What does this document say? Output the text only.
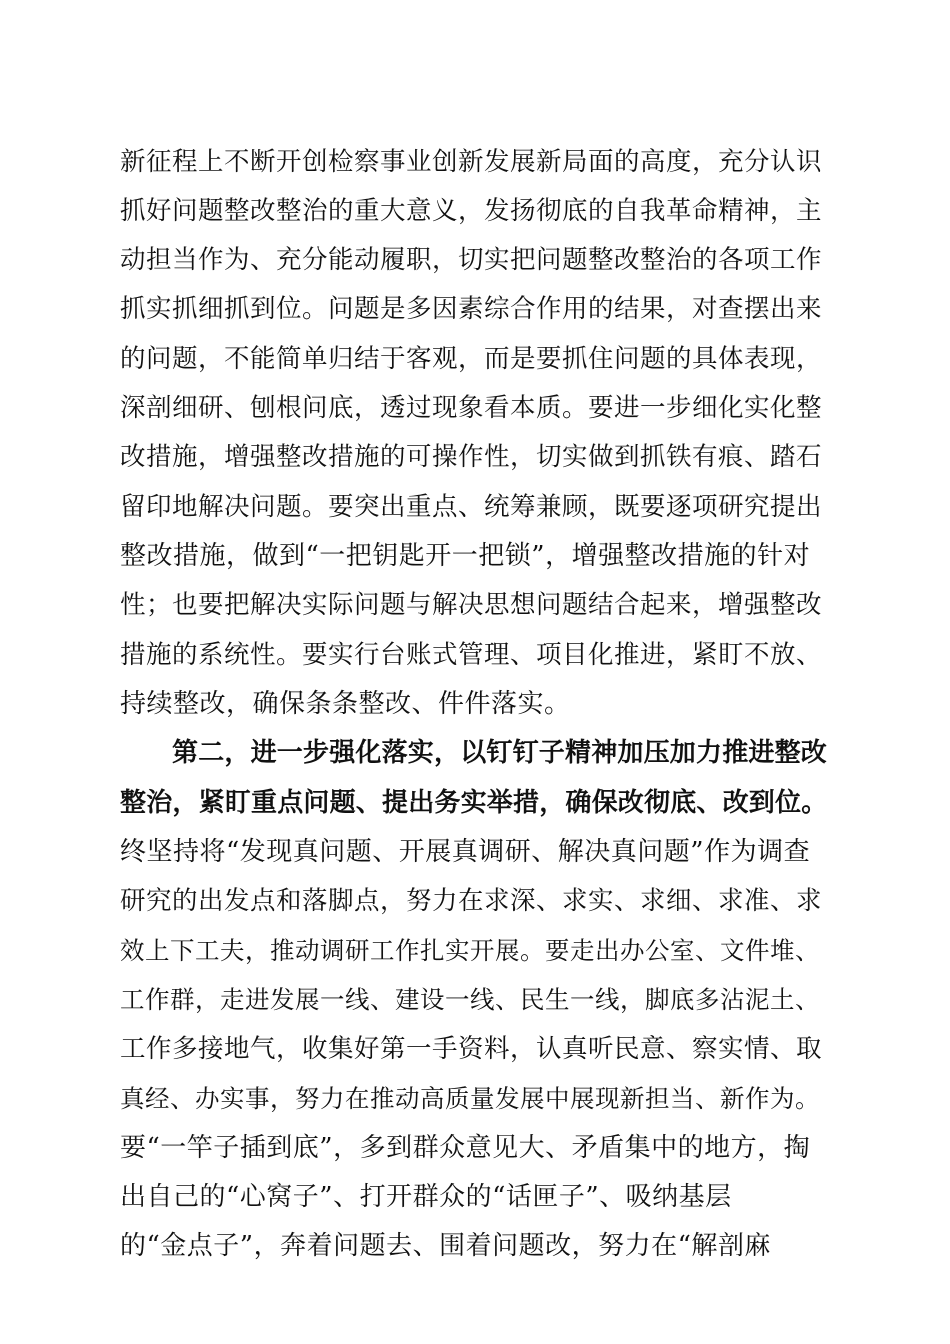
新征程上不断开创检察事业创新发展新局面的高度，充分认识
抓好问题整改整治的重大意义，发扬彻底的自我革命精神，主
动担当作为、充分能动履职，切实把问题整改整治的各项工作
抓实抓细抓到位。问题是多因素综合作用的结果，对查摆出来
的问题，不能简单归结于客观，而是要抓住问题的具体表现，
深剖细研、刨根问底，透过现象看本质。要进一步细化实化整
改措施，增强整改措施的可操作性，切实做到抓铁有痕、踏石
留印地解决问题。要突出重点、统筹兼顾，既要逐项研究提出
整改措施，做到“一把钥匙开一把锁”，增强整改措施的针对
性；也要把解决实际问题与解决思想问题结合起来，增强整改
措施的系统性。要实行台账式管理、项目化推进，紧盯不放、
持续整改，确保条条整改、件件落实。
第二，进一步强化落实，以钉钉子精神加压加力推进整改
整治，紧盯重点问题、提出务实举措，确保改彻底、改到位。
终坚持将“发现真问题、开展真调研、解决真问题”作为调查
研究的出发点和落脚点，努力在求深、求实、求细、求准、求
效上下工夫，推动调研工作扎实开展。要走出办公室、文件堆、
工作群，走进发展一线、建设一线、民生一线，脚底多沾泥土、
工作多接地气，收集好第一手资料，认真听民意、察实情、取
真经、办实事，努力在推动高质量发展中展现新担当、新作为。
要“一竿子插到底”，多到群众意见大、矛盾集中的地方，掏
出自己的“心窝子”、打开群众的“话匣子”、吸纳基层
的“金点子”，奔着问题去、围着问题改，努力在“解剖麻
